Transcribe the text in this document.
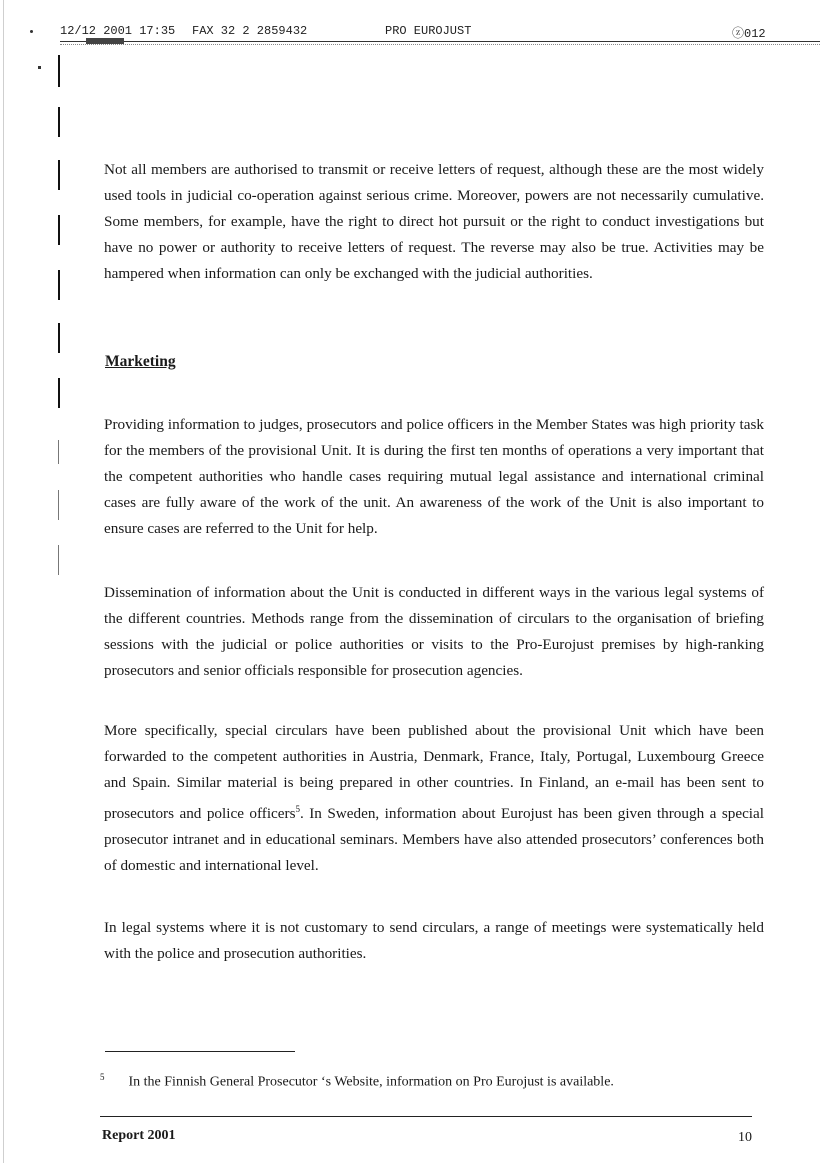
12/12 2001 17:35 FAX 32 2 2859432	PRO EUROJUST	ⓩ012

Not all members are authorised to transmit or receive letters of request, although these are the most widely used tools in judicial co-operation against serious crime. Moreover, powers are not necessarily cumulative. Some members, for example, have the right to direct hot pursuit or the right to conduct investigations but have no power or authority to receive letters of request. The reverse may also be true. Activities may be hampered when information can only be exchanged with the judicial authorities.

Marketing

Providing information to judges, prosecutors and police officers in the Member States was high priority task for the members of the provisional Unit. It is during the first ten months of operations a very important that the competent authorities who handle cases requiring mutual legal assistance and international criminal cases are fully aware of the work of the unit. An awareness of the work of the Unit is also important to ensure cases are referred to the Unit for help.

Dissemination of information about the Unit is conducted in different ways in the various legal systems of the different countries. Methods range from the dissemination of circulars to the organisation of briefing sessions with the judicial or police authorities or visits to the Pro-Eurojust premises by high-ranking prosecutors and senior officials responsible for prosecution agencies.

More specifically, special circulars have been published about the provisional Unit which have been forwarded to the competent authorities in Austria, Denmark, France, Italy, Portugal, Luxembourg Greece and Spain. Similar material is being prepared in other countries. In Finland, an e-mail has been sent to prosecutors and police officers$^5$. In Sweden, information about Eurojust has been given through a special prosecutor intranet and in educational seminars. Members have also attended prosecutors’ conferences both of domestic and international level.

In legal systems where it is not customary to send circulars, a range of meetings were systematically held with the police and prosecution authorities.

$^5$ In the Finnish General Prosecutor ‘s Website, information on Pro Eurojust is available.
Report 2001	10
